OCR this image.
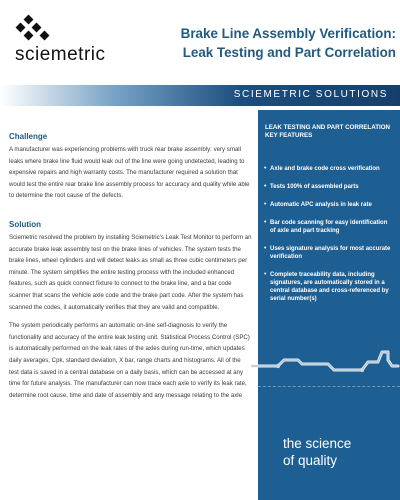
sciemetric
Brake Line Assembly Verification:
Leak Testing and Part Correlation
SCIEMETRIC SOLUTIONS
Challenge

A manufacturer was experiencing problems with truck rear brake assembly: very small leaks where brake line fluid would leak out of the line were going undetected, leading to expensive repairs and high warranty costs. The manufacturer required a solution that would test the entire rear brake line assembly process for accuracy and quality while able to determine the root cause of the defects.

Solution

Sciemetric resolved the problem by installing Sciemetric's Leak Test Monitor to perform an accurate brake leak assembly test on the brake lines of vehicles. The system tests the brake lines, wheel cylinders and will detect leaks as small as three cubic centimeters per minute. The system simplifies the entire testing process with the included enhanced features, such as quick connect fixture to connect to the brake line, and a bar code scanner that scans the vehicle axle code and the brake part code. After the system has scanned the codes, it automatically verifies that they are valid and compatible.

The system periodically performs an automatic on-line self-diagnosis to verify the functionality and accuracy of the entire leak testing unit. Statistical Process Control (SPC) is automatically performed on the leak rates of the axles during run-time, which updates daily averages, Cpk, standard deviation, X bar, range charts and histograms. All of the test data is saved in a central database on a daily basis, which can be accessed at any time for future analysis. The manufacturer can now trace each axle to verify its leak rate, determine root cause, time and date of assembly and any message relating to the axle

LEAK TESTING AND PART CORRELATION KEY FEATURES
• Axle and brake code cross verification
• Tests 100% of assembled parts
• Automatic APC analysis in leak rate
• Bar code scanning for easy identification of axle and part tracking
• Uses signature analysis for most accurate verification
• Complete traceability data, including signatures, are automatically stored in a central database and cross-referenced by serial number(s)
the science
of quality
